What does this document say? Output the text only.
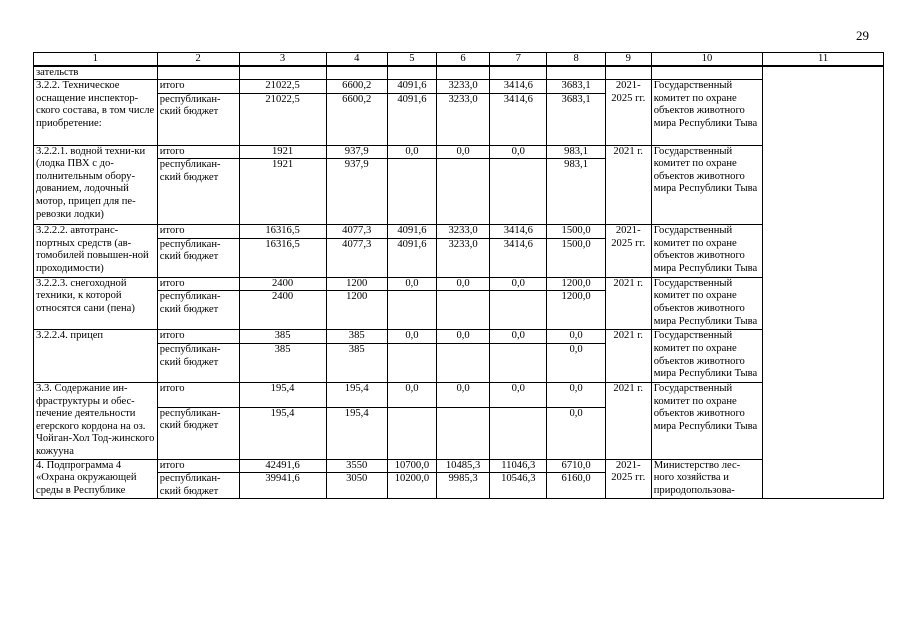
29
1	2	3	4	5	6	7	8	9	10	11
зательств										
3.2.2. Техническое оснащение инспектор-ского состава, в том числе приобретение:	итого	21022,5	6600,2	4091,6	3233,0	3414,6	3683,1	2021-2025 гг.	Государственный комитет по охране объектов животного мира Республики Тыва	
	республикан-ский бюджет	21022,5	6600,2	4091,6	3233,0	3414,6	3683,1			
3.2.2.1. водной техни-ки (лодка ПВХ с до-полнительным обору-дованием, лодочный мотор, прицеп для пе-ревозки лодки)	итого	1921	937,9	0,0	0,0	0,0	983,1	2021 г.	Государственный комитет по охране объектов животного мира Республики Тыва	
	республикан-ский бюджет	1921	937,9				983,1			
3.2.2.2. автотранс-портных средств (ав-томобилей повышен-ной проходимости)	итого	16316,5	4077,3	4091,6	3233,0	3414,6	1500,0	2021-2025 гг.	Государственный комитет по охране объектов животного мира Республики Тыва	
	республикан-ский бюджет	16316,5	4077,3	4091,6	3233,0	3414,6	1500,0			
3.2.2.3. снегоходной техники, к которой относятся сани (пена)	итого	2400	1200	0,0	0,0	0,0	1200,0	2021 г.	Государственный комитет по охране объектов животного мира Республики Тыва	
	республикан-ский бюджет	2400	1200				1200,0			
3.2.2.4. прицеп	итого	385	385	0,0	0,0	0,0	0,0	2021 г.	Государственный комитет по охране объектов животного мира Республики Тыва	
	республикан-ский бюджет	385	385				0,0			
3.3. Содержание ин-фраструктуры и обес-печение деятельности егерского кордона на оз. Чойган-Хол Тод-жинского кожууна	итого	195,4	195,4	0,0	0,0	0,0	0,0	2021 г.	Государственный комитет по охране объектов животного мира Республики Тыва	
	республикан-ский бюджет	195,4	195,4				0,0			
4. Подпрограмма 4 «Охрана окружающей среды в Республике	итого	42491,6	3550	10700,0	10485,3	11046,3	6710,0	2021-2025 гг.	Министерство лес-ного хозяйства и природопользова-	
	республикан-ский бюджет	39941,6	3050	10200,0	9985,3	10546,3	6160,0			
